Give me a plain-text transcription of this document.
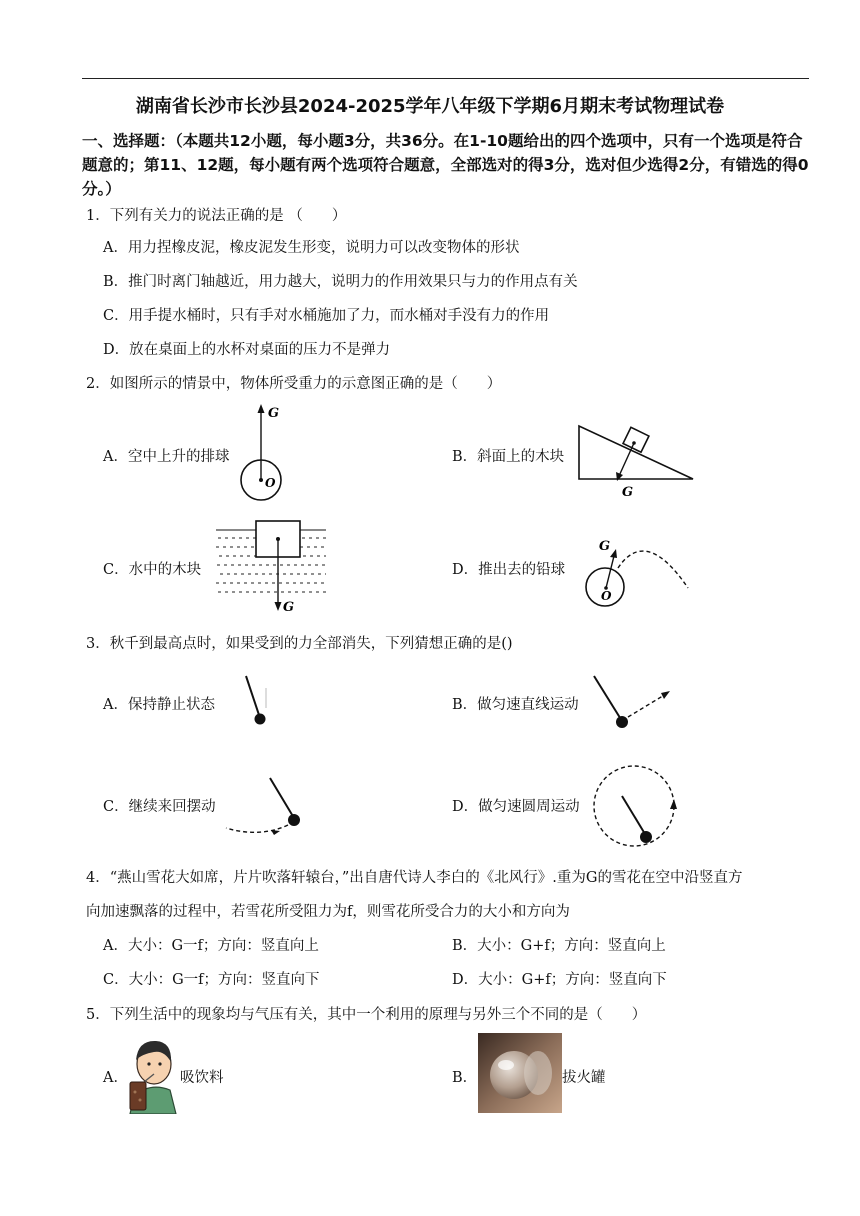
湖南省长沙市长沙县2024-2025学年八年级下学期6月期末考试物理试卷
一、选择题：（本题共12小题，每小题3分，共36分。在1-10题给出的四个选项中，只有一个选项是符合题意的；第11、12题，每小题有两个选项符合题意，全部选对的得3分，选对但少选得2分，有错选的得0分。）
1．下列有关力的说法正确的是 （　　）
A．用力捏橡皮泥，橡皮泥发生形变，说明力可以改变物体的形状
B．推门时离门轴越近，用力越大，说明力的作用效果只与力的作用点有关
C．用手提水桶时，只有手对水桶施加了力，而水桶对手没有力的作用
D．放在桌面上的水杯对桌面的压力不是弹力
2．如图所示的情景中，物体所受重力的示意图正确的是（　　）
A．空中上升的排球	B．斜面上的木块
C．水中的木块	D．推出去的铅球
G
O
G
G
G
O
3．秋千到最高点时，如果受到的力全部消失，下列猜想正确的是()
A．保持静止状态	B．做匀速直线运动
C．继续来回摆动	D．做匀速圆周运动
4．“燕山雪花大如席，片片吹落轩辕台，”出自唐代诗人李白的《北风行》.重为G的雪花在空中沿竖直方
向加速飘落的过程中，若雪花所受阻力为f，则雪花所受合力的大小和方向为
A．大小：G一f；方向：竖直向上	B．大小：G+f；方向：竖直向上
C．大小：G一f；方向：竖直向下	D．大小：G+f；方向：竖直向下
5．下列生活中的现象均与气压有关，其中一个利用的原理与另外三个不同的是（　　）
A．	吸饮料	B．	拔火罐
